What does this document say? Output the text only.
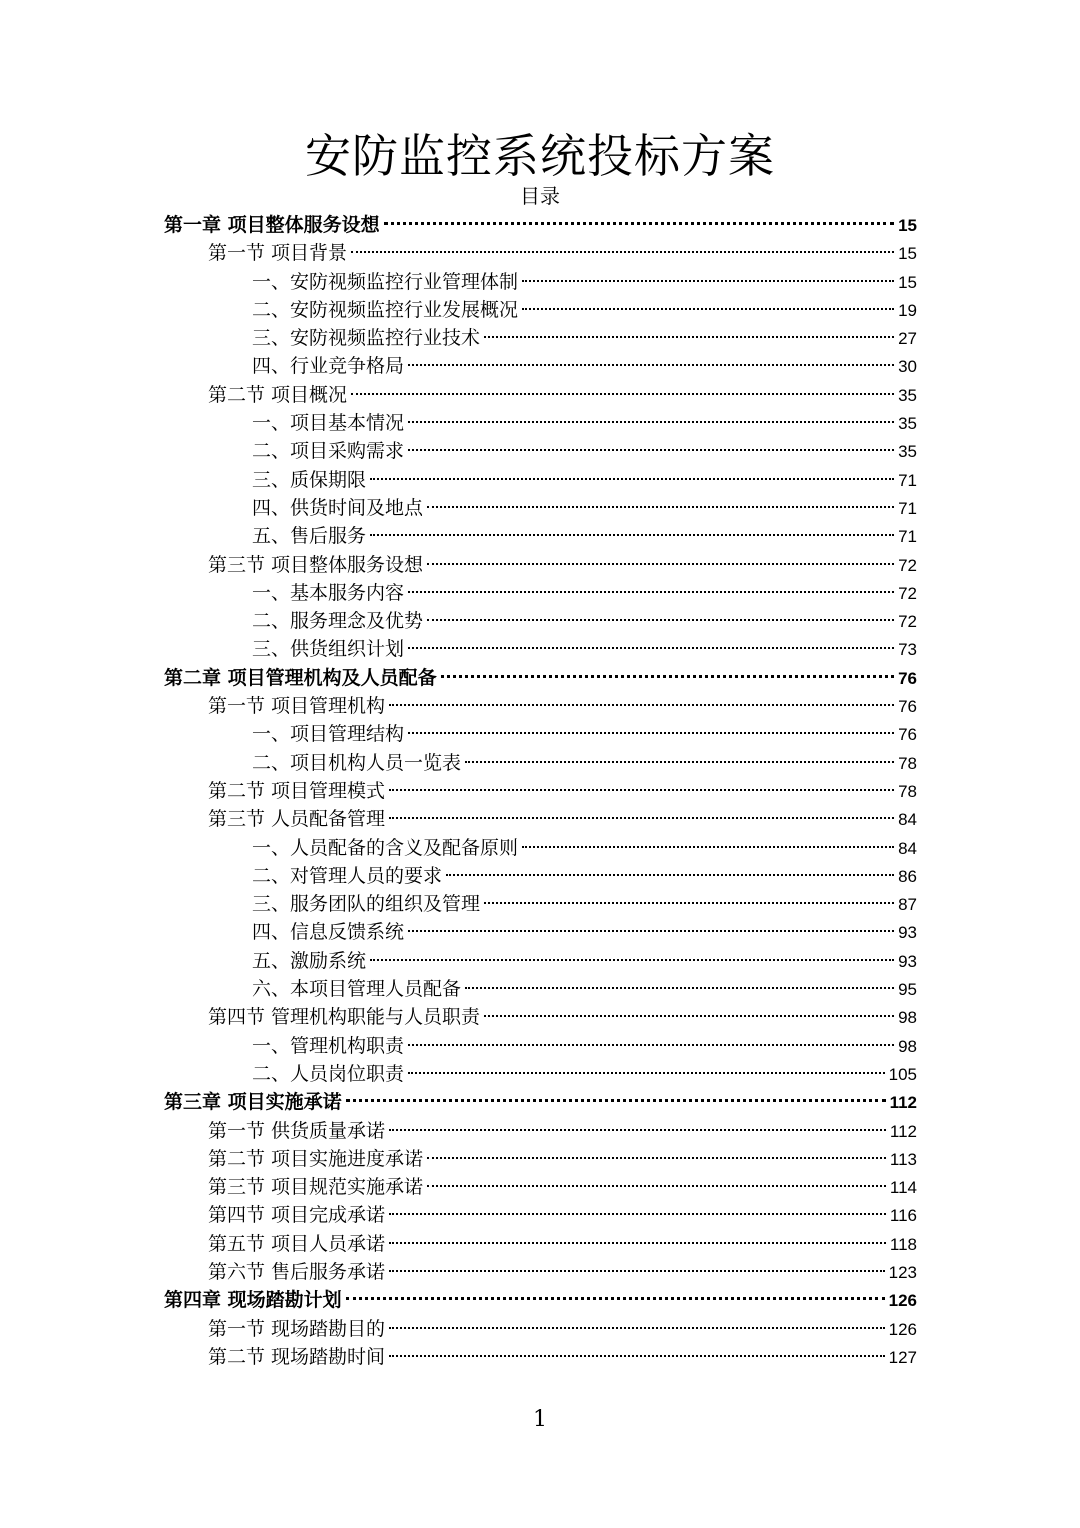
安防监控系统投标方案
目录
第一章 项目整体服务设想	15
第一节 项目背景	15
一、安防视频监控行业管理体制	15
二、安防视频监控行业发展概况	19
三、安防视频监控行业技术	27
四、行业竞争格局	30
第二节 项目概况	35
一、项目基本情况	35
二、项目采购需求	35
三、质保期限	71
四、供货时间及地点	71
五、售后服务	71
第三节 项目整体服务设想	72
一、基本服务内容	72
二、服务理念及优势	72
三、供货组织计划	73
第二章 项目管理机构及人员配备	76
第一节 项目管理机构	76
一、项目管理结构	76
二、项目机构人员一览表	78
第二节 项目管理模式	78
第三节 人员配备管理	84
一、人员配备的含义及配备原则	84
二、对管理人员的要求	86
三、服务团队的组织及管理	87
四、信息反馈系统	93
五、激励系统	93
六、本项目管理人员配备	95
第四节 管理机构职能与人员职责	98
一、管理机构职责	98
二、人员岗位职责	105
第三章 项目实施承诺	112
第一节 供货质量承诺	112
第二节 项目实施进度承诺	113
第三节 项目规范实施承诺	114
第四节 项目完成承诺	116
第五节 项目人员承诺	118
第六节 售后服务承诺	123
第四章 现场踏勘计划	126
第一节 现场踏勘目的	126
第二节 现场踏勘时间	127
1
